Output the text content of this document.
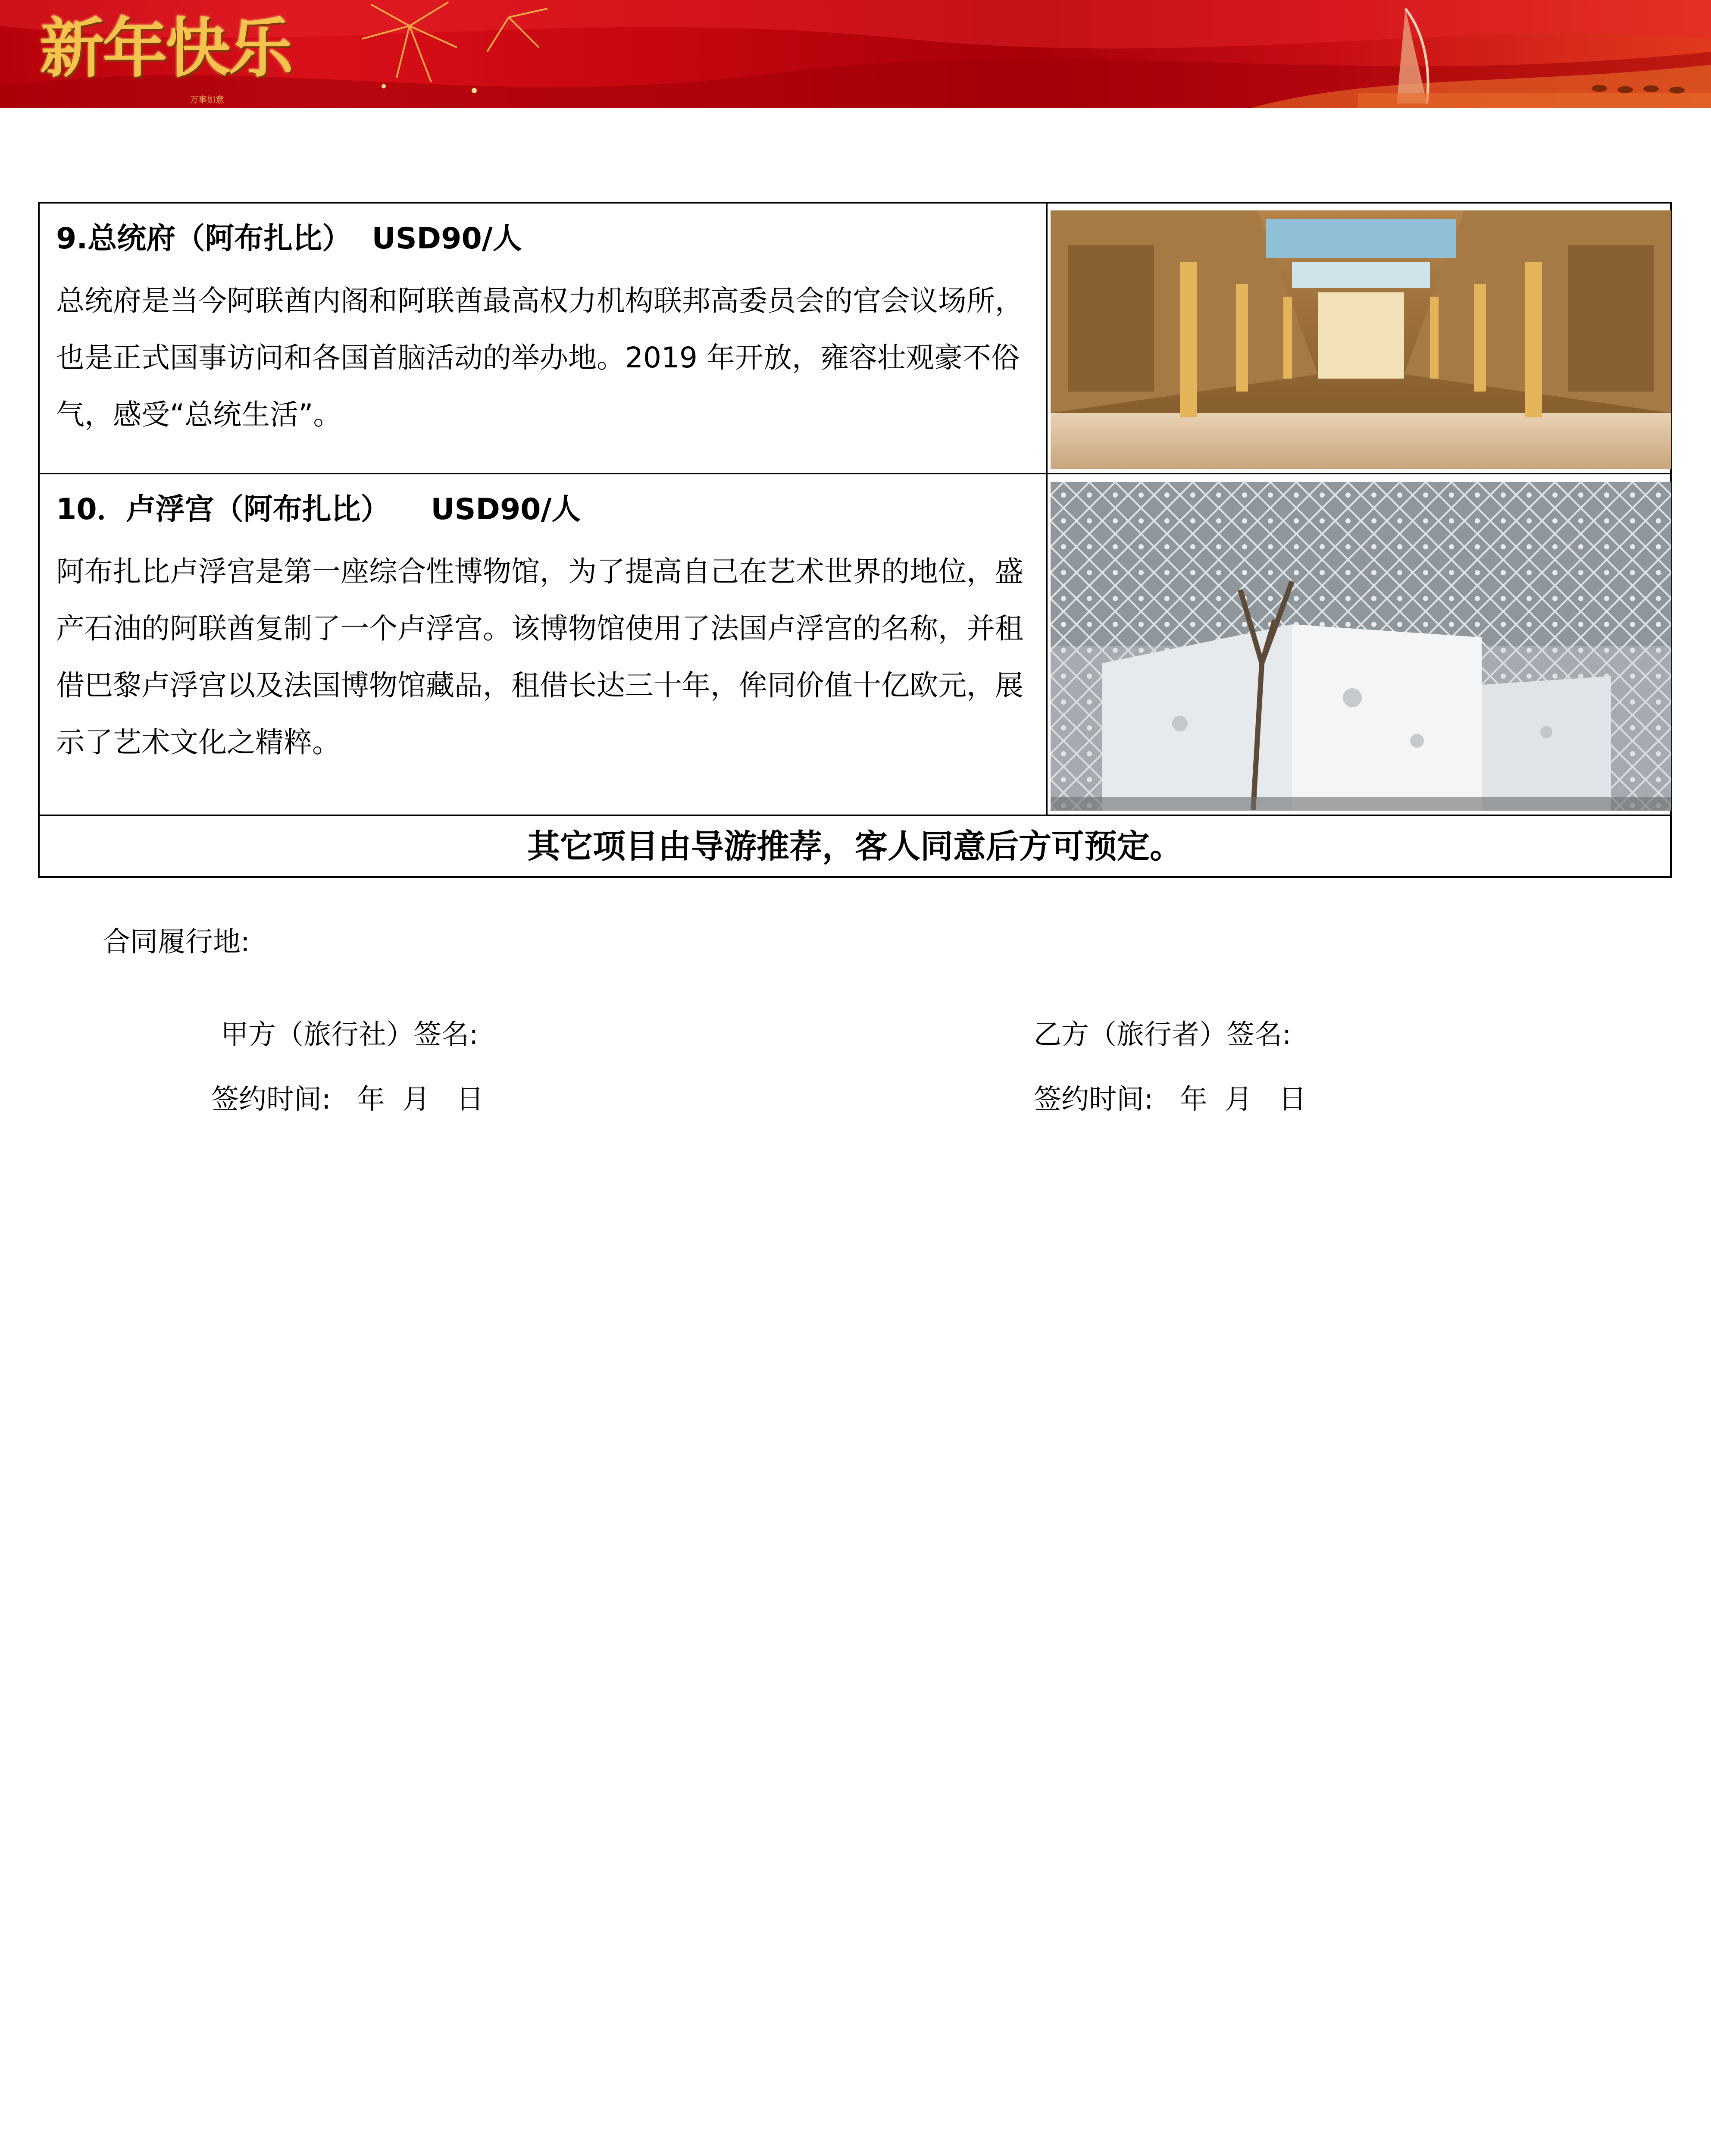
新年快乐
万事如意
9.总统府（阿布扎比）  USD90/人
总统府是当今阿联酋内阁和阿联酋最高权力机构联邦高委员会的官会议场所，也是正式国事访问和各国首脑活动的举办地。2019 年开放，雍容壮观豪不俗气，感受“总统生活”。
10．卢浮宫（阿布扎比）    USD90/人
阿布扎比卢浮宫是第一座综合性博物馆，为了提高自己在艺术世界的地位，盛产石油的阿联酋复制了一个卢浮宫。该博物馆使用了法国卢浮宫的名称，并租借巴黎卢浮宫以及法国博物馆藏品，租借长达三十年，侔同价值十亿欧元，展示了艺术文化之精粹。
其它项目由导游推荐，客人同意后方可预定。
合同履行地:
甲方（旅行社）签名:	乙方（旅行者）签名:
签约时间:   年  月   日	签约时间:   年  月   日
